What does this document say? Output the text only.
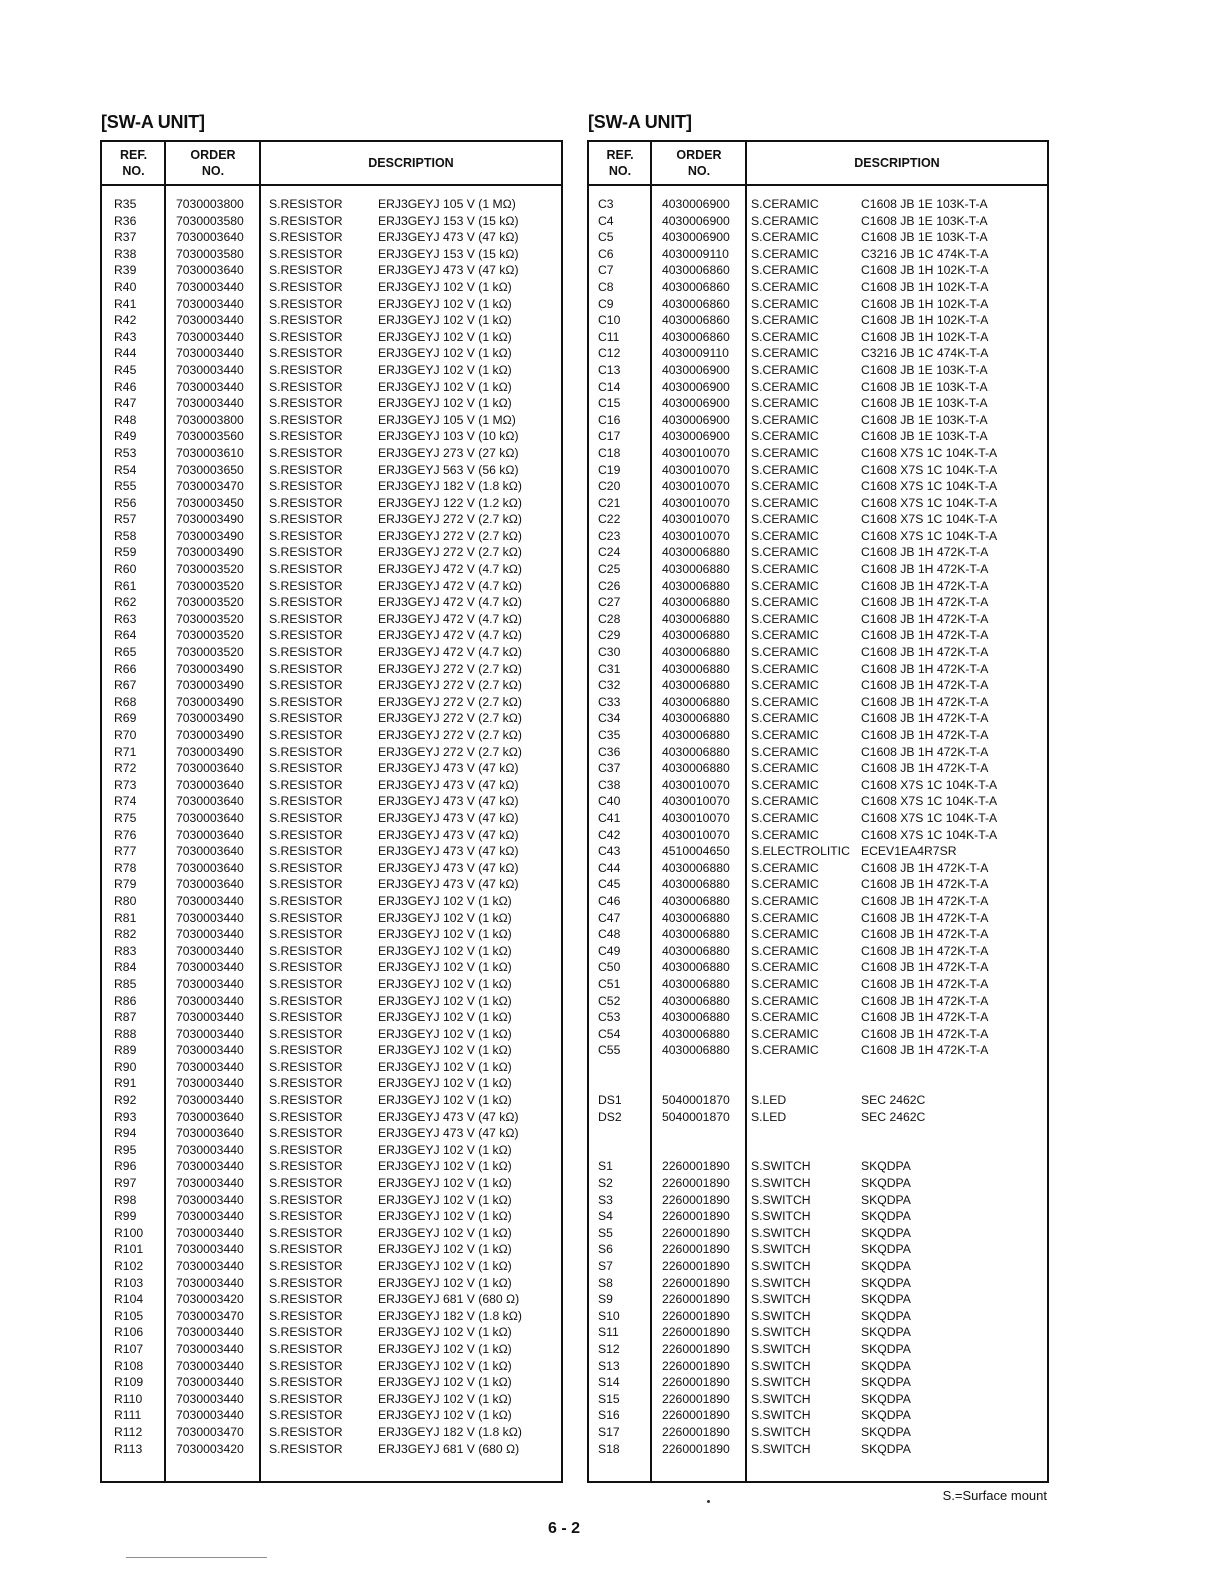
[SW-A UNIT]
REF.
NO.
ORDER
NO.
DESCRIPTION
R35	7030003800 S.RESISTOR	ERJ3GEYJ 105 V (1 MΩ)
R36	7030003580 S.RESISTOR	ERJ3GEYJ 153 V (15 kΩ)
R37	7030003640 S.RESISTOR	ERJ3GEYJ 473 V (47 kΩ)
R38	7030003580 S.RESISTOR	ERJ3GEYJ 153 V (15 kΩ)
R39	7030003640 S.RESISTOR	ERJ3GEYJ 473 V (47 kΩ)
R40	7030003440 S.RESISTOR	ERJ3GEYJ 102 V (1 kΩ)
R41	7030003440 S.RESISTOR	ERJ3GEYJ 102 V (1 kΩ)
R42	7030003440 S.RESISTOR	ERJ3GEYJ 102 V (1 kΩ)
R43	7030003440 S.RESISTOR	ERJ3GEYJ 102 V (1 kΩ)
R44	7030003440 S.RESISTOR	ERJ3GEYJ 102 V (1 kΩ)
R45	7030003440 S.RESISTOR	ERJ3GEYJ 102 V (1 kΩ)
R46	7030003440 S.RESISTOR	ERJ3GEYJ 102 V (1 kΩ)
R47	7030003440 S.RESISTOR	ERJ3GEYJ 102 V (1 kΩ)
R48	7030003800 S.RESISTOR	ERJ3GEYJ 105 V (1 MΩ)
R49	7030003560 S.RESISTOR	ERJ3GEYJ 103 V (10 kΩ)
R53	7030003610 S.RESISTOR	ERJ3GEYJ 273 V (27 kΩ)
R54	7030003650 S.RESISTOR	ERJ3GEYJ 563 V (56 kΩ)
R55	7030003470 S.RESISTOR	ERJ3GEYJ 182 V (1.8 kΩ)
R56	7030003450 S.RESISTOR	ERJ3GEYJ 122 V (1.2 kΩ)
R57	7030003490 S.RESISTOR	ERJ3GEYJ 272 V (2.7 kΩ)
R58	7030003490 S.RESISTOR	ERJ3GEYJ 272 V (2.7 kΩ)
R59	7030003490 S.RESISTOR	ERJ3GEYJ 272 V (2.7 kΩ)
R60	7030003520 S.RESISTOR	ERJ3GEYJ 472 V (4.7 kΩ)
R61	7030003520 S.RESISTOR	ERJ3GEYJ 472 V (4.7 kΩ)
R62	7030003520 S.RESISTOR	ERJ3GEYJ 472 V (4.7 kΩ)
R63	7030003520 S.RESISTOR	ERJ3GEYJ 472 V (4.7 kΩ)
R64	7030003520 S.RESISTOR	ERJ3GEYJ 472 V (4.7 kΩ)
R65	7030003520 S.RESISTOR	ERJ3GEYJ 472 V (4.7 kΩ)
R66	7030003490 S.RESISTOR	ERJ3GEYJ 272 V (2.7 kΩ)
R67	7030003490 S.RESISTOR	ERJ3GEYJ 272 V (2.7 kΩ)
R68	7030003490 S.RESISTOR	ERJ3GEYJ 272 V (2.7 kΩ)
R69	7030003490 S.RESISTOR	ERJ3GEYJ 272 V (2.7 kΩ)
R70	7030003490 S.RESISTOR	ERJ3GEYJ 272 V (2.7 kΩ)
R71	7030003490 S.RESISTOR	ERJ3GEYJ 272 V (2.7 kΩ)
R72	7030003640 S.RESISTOR	ERJ3GEYJ 473 V (47 kΩ)
R73	7030003640 S.RESISTOR	ERJ3GEYJ 473 V (47 kΩ)
R74	7030003640 S.RESISTOR	ERJ3GEYJ 473 V (47 kΩ)
R75	7030003640 S.RESISTOR	ERJ3GEYJ 473 V (47 kΩ)
R76	7030003640 S.RESISTOR	ERJ3GEYJ 473 V (47 kΩ)
R77	7030003640 S.RESISTOR	ERJ3GEYJ 473 V (47 kΩ)
R78	7030003640 S.RESISTOR	ERJ3GEYJ 473 V (47 kΩ)
R79	7030003640 S.RESISTOR	ERJ3GEYJ 473 V (47 kΩ)
R80	7030003440 S.RESISTOR	ERJ3GEYJ 102 V (1 kΩ)
R81	7030003440 S.RESISTOR	ERJ3GEYJ 102 V (1 kΩ)
R82	7030003440 S.RESISTOR	ERJ3GEYJ 102 V (1 kΩ)
R83	7030003440 S.RESISTOR	ERJ3GEYJ 102 V (1 kΩ)
R84	7030003440 S.RESISTOR	ERJ3GEYJ 102 V (1 kΩ)
R85	7030003440 S.RESISTOR	ERJ3GEYJ 102 V (1 kΩ)
R86	7030003440 S.RESISTOR	ERJ3GEYJ 102 V (1 kΩ)
R87	7030003440 S.RESISTOR	ERJ3GEYJ 102 V (1 kΩ)
R88	7030003440 S.RESISTOR	ERJ3GEYJ 102 V (1 kΩ)
R89	7030003440 S.RESISTOR	ERJ3GEYJ 102 V (1 kΩ)
R90	7030003440 S.RESISTOR	ERJ3GEYJ 102 V (1 kΩ)
R91	7030003440 S.RESISTOR	ERJ3GEYJ 102 V (1 kΩ)
R92	7030003440 S.RESISTOR	ERJ3GEYJ 102 V (1 kΩ)
R93	7030003640 S.RESISTOR	ERJ3GEYJ 473 V (47 kΩ)
R94	7030003640 S.RESISTOR	ERJ3GEYJ 473 V (47 kΩ)
R95	7030003440 S.RESISTOR	ERJ3GEYJ 102 V (1 kΩ)
R96	7030003440 S.RESISTOR	ERJ3GEYJ 102 V (1 kΩ)
R97	7030003440 S.RESISTOR	ERJ3GEYJ 102 V (1 kΩ)
R98	7030003440 S.RESISTOR	ERJ3GEYJ 102 V (1 kΩ)
R99	7030003440 S.RESISTOR	ERJ3GEYJ 102 V (1 kΩ)
R100	7030003440 S.RESISTOR	ERJ3GEYJ 102 V (1 kΩ)
R101	7030003440 S.RESISTOR	ERJ3GEYJ 102 V (1 kΩ)
R102	7030003440 S.RESISTOR	ERJ3GEYJ 102 V (1 kΩ)
R103	7030003440 S.RESISTOR	ERJ3GEYJ 102 V (1 kΩ)
R104	7030003420 S.RESISTOR	ERJ3GEYJ 681 V (680 Ω)
R105	7030003470 S.RESISTOR	ERJ3GEYJ 182 V (1.8 kΩ)
R106	7030003440 S.RESISTOR	ERJ3GEYJ 102 V (1 kΩ)
R107	7030003440 S.RESISTOR	ERJ3GEYJ 102 V (1 kΩ)
R108	7030003440 S.RESISTOR	ERJ3GEYJ 102 V (1 kΩ)
R109	7030003440 S.RESISTOR	ERJ3GEYJ 102 V (1 kΩ)
R110	7030003440 S.RESISTOR	ERJ3GEYJ 102 V (1 kΩ)
R111	7030003440 S.RESISTOR	ERJ3GEYJ 102 V (1 kΩ)
R112	7030003470 S.RESISTOR	ERJ3GEYJ 182 V (1.8 kΩ)
R113	7030003420 S.RESISTOR	ERJ3GEYJ 681 V (680 Ω)
[SW-A UNIT]
REF.
NO.
ORDER
NO.
DESCRIPTION
C3	4030006900 S.CERAMIC	C1608 JB 1E 103K-T-A
C4	4030006900 S.CERAMIC	C1608 JB 1E 103K-T-A
C5	4030006900 S.CERAMIC	C1608 JB 1E 103K-T-A
C6	4030009110 S.CERAMIC	C3216 JB 1C 474K-T-A
C7	4030006860 S.CERAMIC	C1608 JB 1H 102K-T-A
C8	4030006860 S.CERAMIC	C1608 JB 1H 102K-T-A
C9	4030006860 S.CERAMIC	C1608 JB 1H 102K-T-A
C10	4030006860 S.CERAMIC	C1608 JB 1H 102K-T-A
C11	4030006860 S.CERAMIC	C1608 JB 1H 102K-T-A
C12	4030009110 S.CERAMIC	C3216 JB 1C 474K-T-A
C13	4030006900 S.CERAMIC	C1608 JB 1E 103K-T-A
C14	4030006900 S.CERAMIC	C1608 JB 1E 103K-T-A
C15	4030006900 S.CERAMIC	C1608 JB 1E 103K-T-A
C16	4030006900 S.CERAMIC	C1608 JB 1E 103K-T-A
C17	4030006900 S.CERAMIC	C1608 JB 1E 103K-T-A
C18	4030010070 S.CERAMIC	C1608 X7S 1C 104K-T-A
C19	4030010070 S.CERAMIC	C1608 X7S 1C 104K-T-A
C20	4030010070 S.CERAMIC	C1608 X7S 1C 104K-T-A
C21	4030010070 S.CERAMIC	C1608 X7S 1C 104K-T-A
C22	4030010070 S.CERAMIC	C1608 X7S 1C 104K-T-A
C23	4030010070 S.CERAMIC	C1608 X7S 1C 104K-T-A
C24	4030006880 S.CERAMIC	C1608 JB 1H 472K-T-A
C25	4030006880 S.CERAMIC	C1608 JB 1H 472K-T-A
C26	4030006880 S.CERAMIC	C1608 JB 1H 472K-T-A
C27	4030006880 S.CERAMIC	C1608 JB 1H 472K-T-A
C28	4030006880 S.CERAMIC	C1608 JB 1H 472K-T-A
C29	4030006880 S.CERAMIC	C1608 JB 1H 472K-T-A
C30	4030006880 S.CERAMIC	C1608 JB 1H 472K-T-A
C31	4030006880 S.CERAMIC	C1608 JB 1H 472K-T-A
C32	4030006880 S.CERAMIC	C1608 JB 1H 472K-T-A
C33	4030006880 S.CERAMIC	C1608 JB 1H 472K-T-A
C34	4030006880 S.CERAMIC	C1608 JB 1H 472K-T-A
C35	4030006880 S.CERAMIC	C1608 JB 1H 472K-T-A
C36	4030006880 S.CERAMIC	C1608 JB 1H 472K-T-A
C37	4030006880 S.CERAMIC	C1608 JB 1H 472K-T-A
C38	4030010070 S.CERAMIC	C1608 X7S 1C 104K-T-A
C40	4030010070 S.CERAMIC	C1608 X7S 1C 104K-T-A
C41	4030010070 S.CERAMIC	C1608 X7S 1C 104K-T-A
C42	4030010070 S.CERAMIC	C1608 X7S 1C 104K-T-A
C43	4510004650 S.ELECTROLITIC ECEV1EA4R7SR
C44	4030006880 S.CERAMIC	C1608 JB 1H 472K-T-A
C45	4030006880 S.CERAMIC	C1608 JB 1H 472K-T-A
C46	4030006880 S.CERAMIC	C1608 JB 1H 472K-T-A
C47	4030006880 S.CERAMIC	C1608 JB 1H 472K-T-A
C48	4030006880 S.CERAMIC	C1608 JB 1H 472K-T-A
C49	4030006880 S.CERAMIC	C1608 JB 1H 472K-T-A
C50	4030006880 S.CERAMIC	C1608 JB 1H 472K-T-A
C51	4030006880 S.CERAMIC	C1608 JB 1H 472K-T-A
C52	4030006880 S.CERAMIC	C1608 JB 1H 472K-T-A
C53	4030006880 S.CERAMIC	C1608 JB 1H 472K-T-A
C54	4030006880 S.CERAMIC	C1608 JB 1H 472K-T-A
C55	4030006880 S.CERAMIC	C1608 JB 1H 472K-T-A
DS1	5040001870 S.LED	SEC 2462C
DS2	5040001870 S.LED	SEC 2462C
S1	2260001890 S.SWITCH	SKQDPA
S2	2260001890 S.SWITCH	SKQDPA
S3	2260001890 S.SWITCH	SKQDPA
S4	2260001890 S.SWITCH	SKQDPA
S5	2260001890 S.SWITCH	SKQDPA
S6	2260001890 S.SWITCH	SKQDPA
S7	2260001890 S.SWITCH	SKQDPA
S8	2260001890 S.SWITCH	SKQDPA
S9	2260001890 S.SWITCH	SKQDPA
S10	2260001890 S.SWITCH	SKQDPA
S11	2260001890 S.SWITCH	SKQDPA
S12	2260001890 S.SWITCH	SKQDPA
S13	2260001890 S.SWITCH	SKQDPA
S14	2260001890 S.SWITCH	SKQDPA
S15	2260001890 S.SWITCH	SKQDPA
S16	2260001890 S.SWITCH	SKQDPA
S17	2260001890 S.SWITCH	SKQDPA
S18	2260001890 S.SWITCH	SKQDPA
S.=Surface mount
6 - 2
